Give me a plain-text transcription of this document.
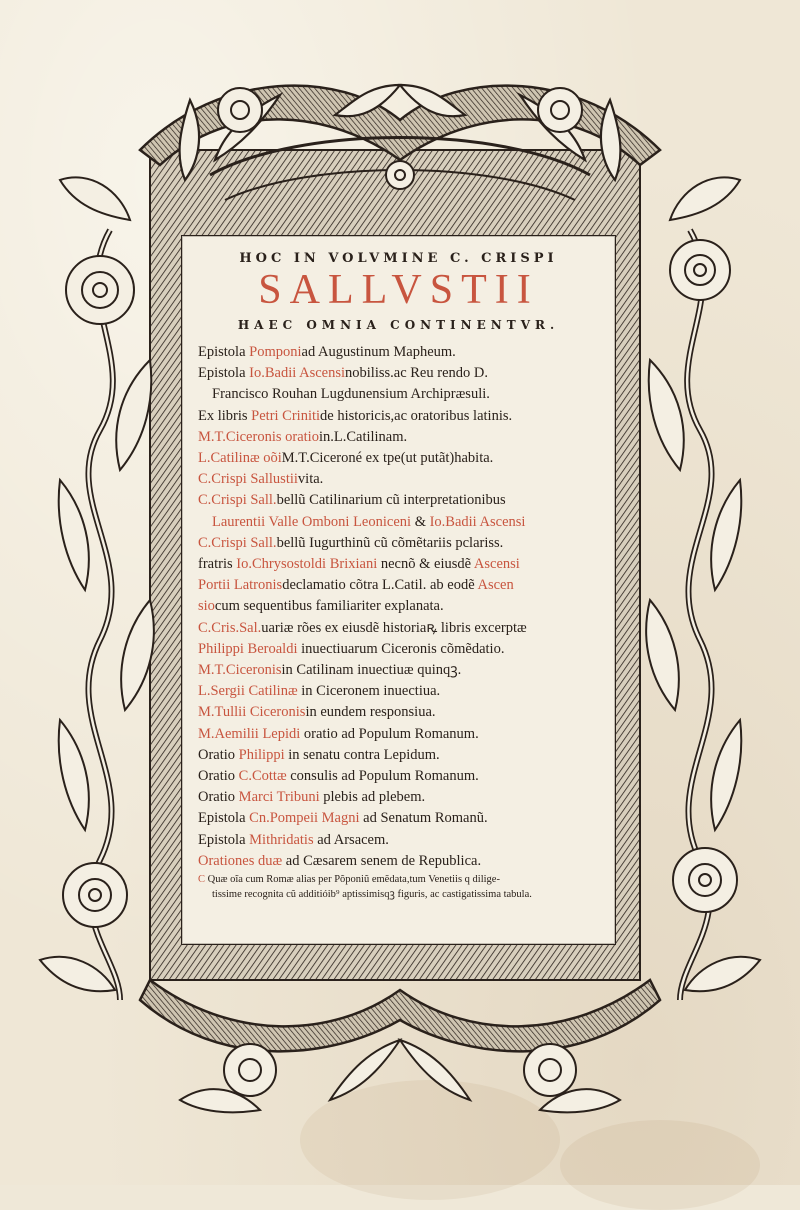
HOC IN VOLVMINE C. CRISPI
SALLVSTII
HAEC OMNIA CONTINENTVR.
Epistola Pomponiad Augustinum Mapheum.
Epistola Io.Badii Ascensinobiliss.ac Reu rendo D.
Francisco Rouhan Lugdunensium Archipræsuli.
Ex libris Petri Crinitide historicis,ac oratoribus latinis.
M.T.Ciceronis oratioin.L.Catilinam.
L.Catilinæ oõiM.T.Ciceroné ex tpe(ut putãt)habita.
C.Crispi Sallustiivita.
C.Crispi Sall.bellũ Catilinarium cũ interpretationibus
Laurentii Valle Omboni Leoniceni & Io.Badii Ascensi
C.Crispi Sall.bellũ Iugurthinũ cũ cõmẽtariis pclariss.
fratris Io.Chrysostoldi Brixiani necnõ & eiusdẽ Ascensi
Portii Latronisdeclamatio cõtra L.Catil. ab eodẽ Ascen
siocum sequentibus familiariter explanata.
C.Cris.Sal.uariæ rões ex eiusdẽ historiaꝶ libris excerptæ
Philippi Beroaldi inuectiuarum Ciceronis cõmẽdatio.
M.T.Ciceronisin Catilinam inuectiuæ quinqꝫ.
L.Sergii Catilinæ in Ciceronem inuectiua.
M.Tullii Ciceronisin eundem responsiua.
M.Aemilii Lepidi oratio ad Populum Romanum.
Oratio Philippi in senatu contra Lepidum.
Oratio C.Cottæ consulis ad Populum Romanum.
Oratio Marci Tribuni plebis ad plebem.
Epistola Cn.Pompeii Magni ad Senatum Romanũ.
Epistola Mithridatis ad Arsacem.
Orationes duæ ad Cæsarem senem de Republica.
C Quæ oĩa cum Romæ alias per Põponiũ emẽdata,tum Venetiis q dilige-
tissime recognita cũ additióib⁹ aptissimisqꝫ figuris, ac castigatissima tabula.
